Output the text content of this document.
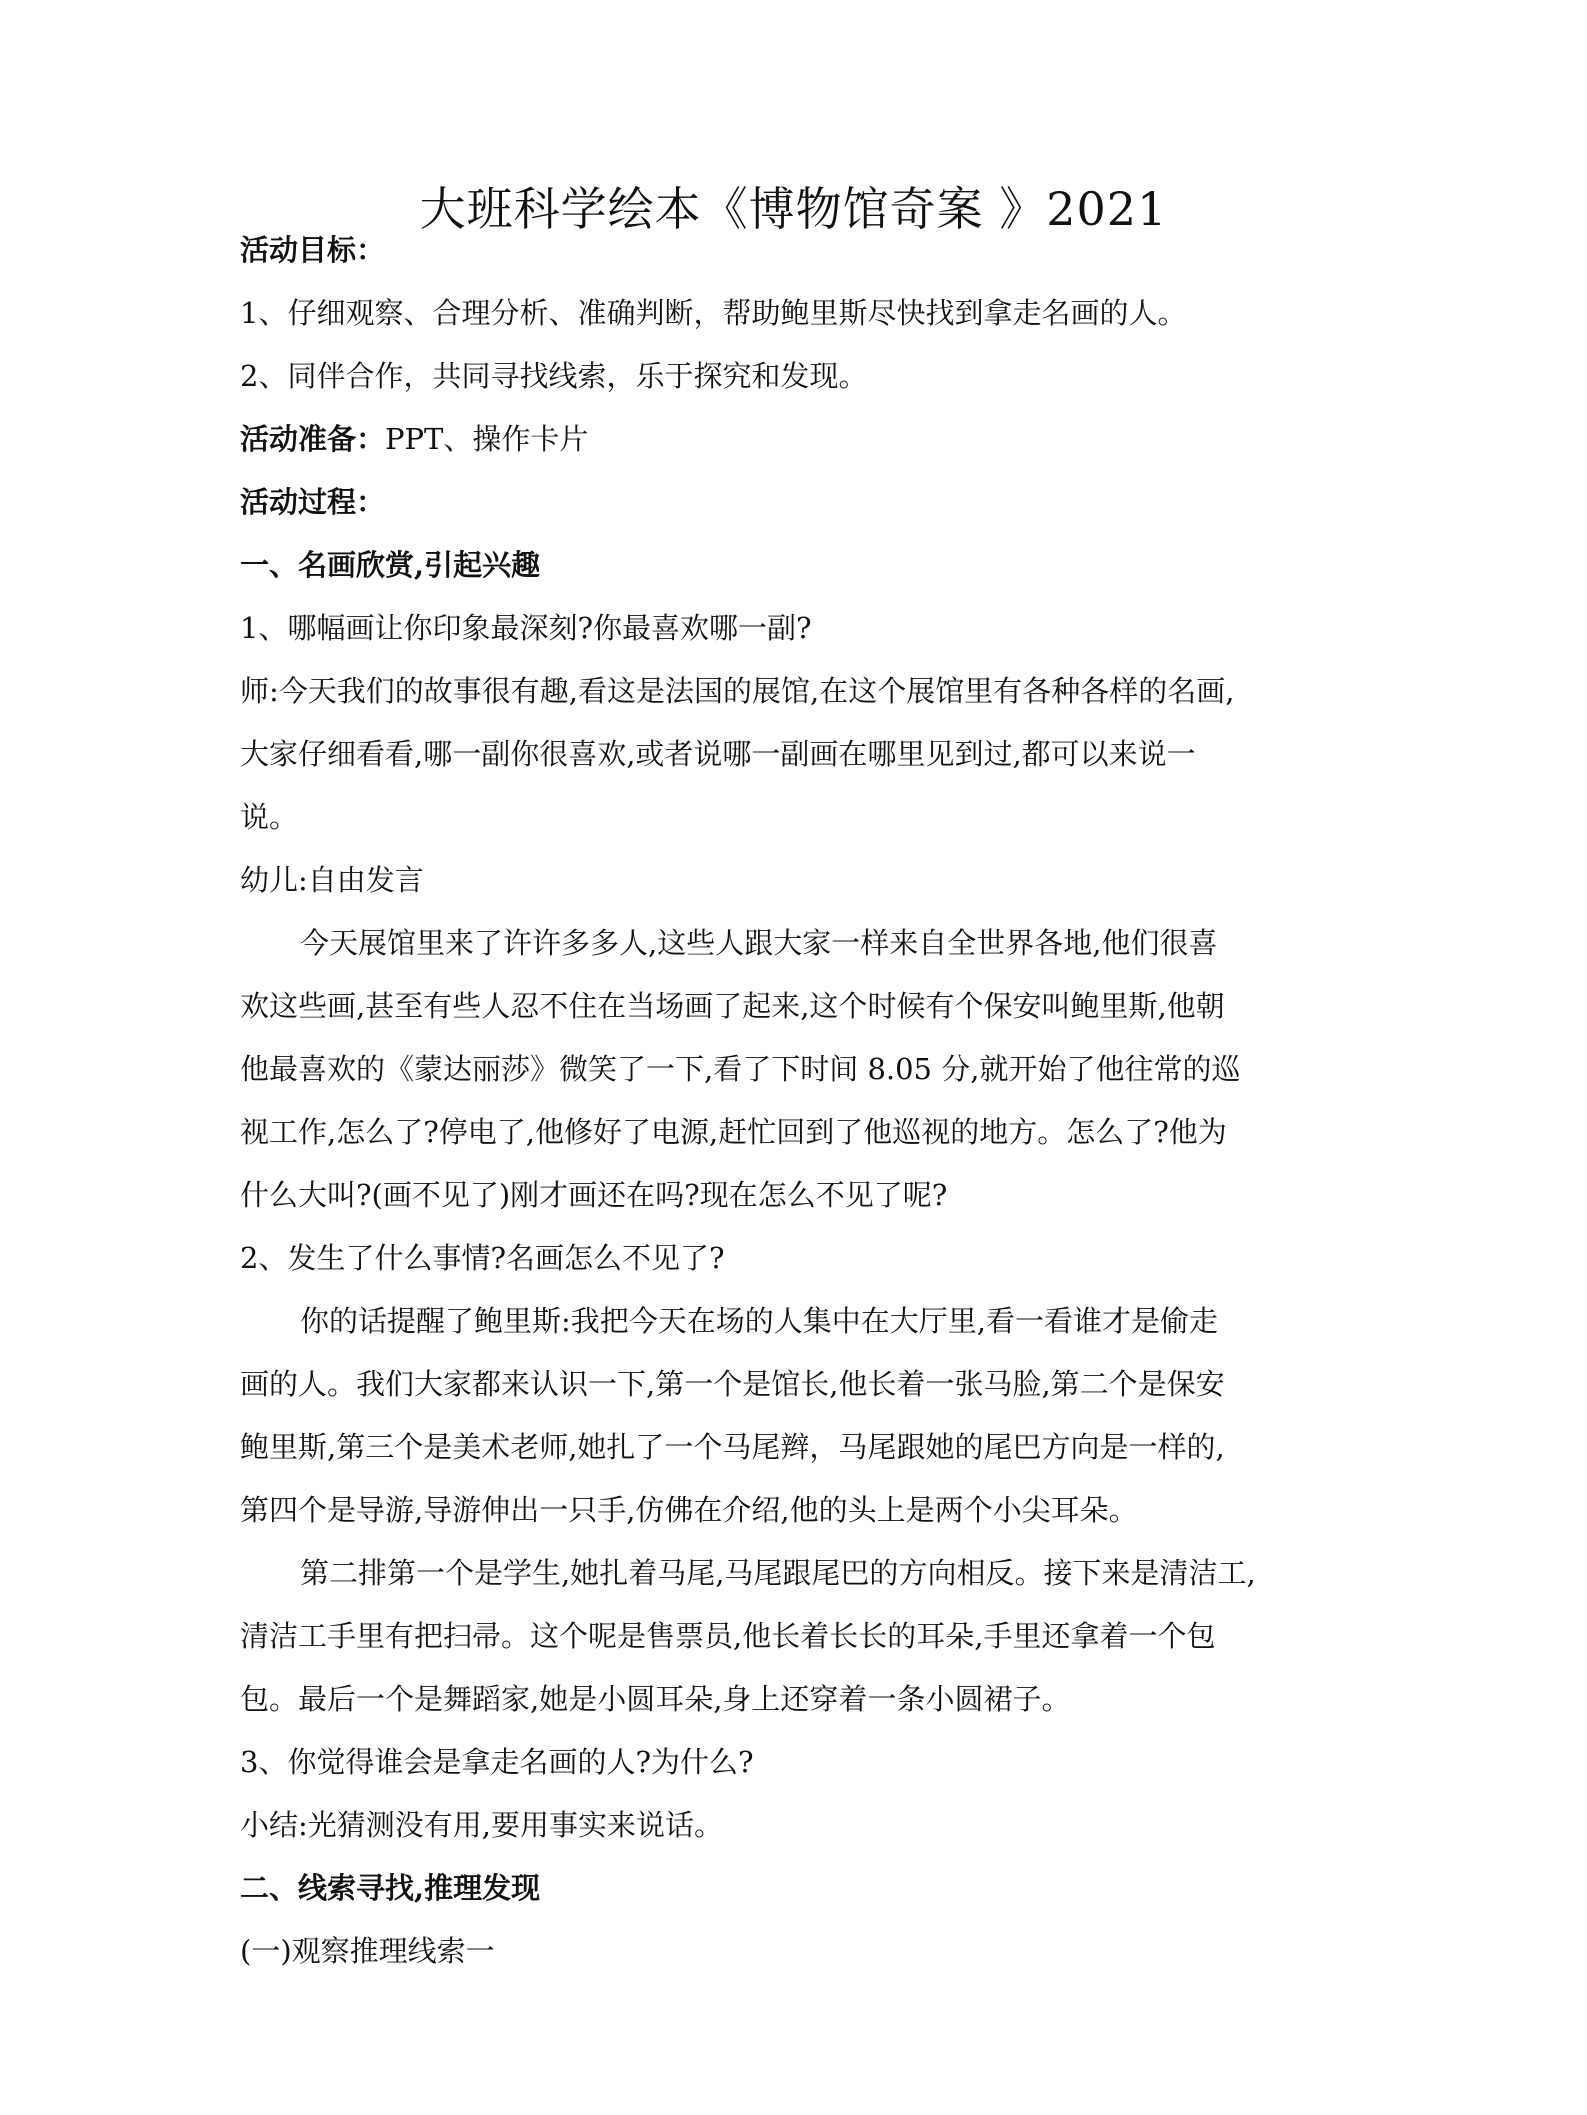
大班科学绘本《博物馆奇案 》2021
活动目标：
1、仔细观察、合理分析、准确判断，帮助鲍里斯尽快找到拿走名画的人。
2、同伴合作，共同寻找线索，乐于探究和发现。
活动准备：PPT、操作卡片
活动过程：
一、名画欣赏,引起兴趣
1、哪幅画让你印象最深刻?你最喜欢哪一副?
师:今天我们的故事很有趣,看这是法国的展馆,在这个展馆里有各种各样的名画,
大家仔细看看,哪一副你很喜欢,或者说哪一副画在哪里见到过,都可以来说一
说。
幼儿:自由发言
今天展馆里来了许许多多人,这些人跟大家一样来自全世界各地,他们很喜
欢这些画,甚至有些人忍不住在当场画了起来,这个时候有个保安叫鲍里斯,他朝
他最喜欢的《蒙达丽莎》微笑了一下,看了下时间 8.05 分,就开始了他往常的巡
视工作,怎么了?停电了,他修好了电源,赶忙回到了他巡视的地方。怎么了?他为
什么大叫?(画不见了)刚才画还在吗?现在怎么不见了呢?
2、发生了什么事情?名画怎么不见了?
你的话提醒了鲍里斯:我把今天在场的人集中在大厅里,看一看谁才是偷走
画的人。我们大家都来认识一下,第一个是馆长,他长着一张马脸,第二个是保安
鲍里斯,第三个是美术老师,她扎了一个马尾辫，马尾跟她的尾巴方向是一样的,
第四个是导游,导游伸出一只手,仿佛在介绍,他的头上是两个小尖耳朵。
第二排第一个是学生,她扎着马尾,马尾跟尾巴的方向相反。接下来是清洁工,
清洁工手里有把扫帚。这个呢是售票员,他长着长长的耳朵,手里还拿着一个包
包。最后一个是舞蹈家,她是小圆耳朵,身上还穿着一条小圆裙子。
3、你觉得谁会是拿走名画的人?为什么?
小结:光猜测没有用,要用事实来说话。
二、线索寻找,推理发现
(一)观察推理线索一
